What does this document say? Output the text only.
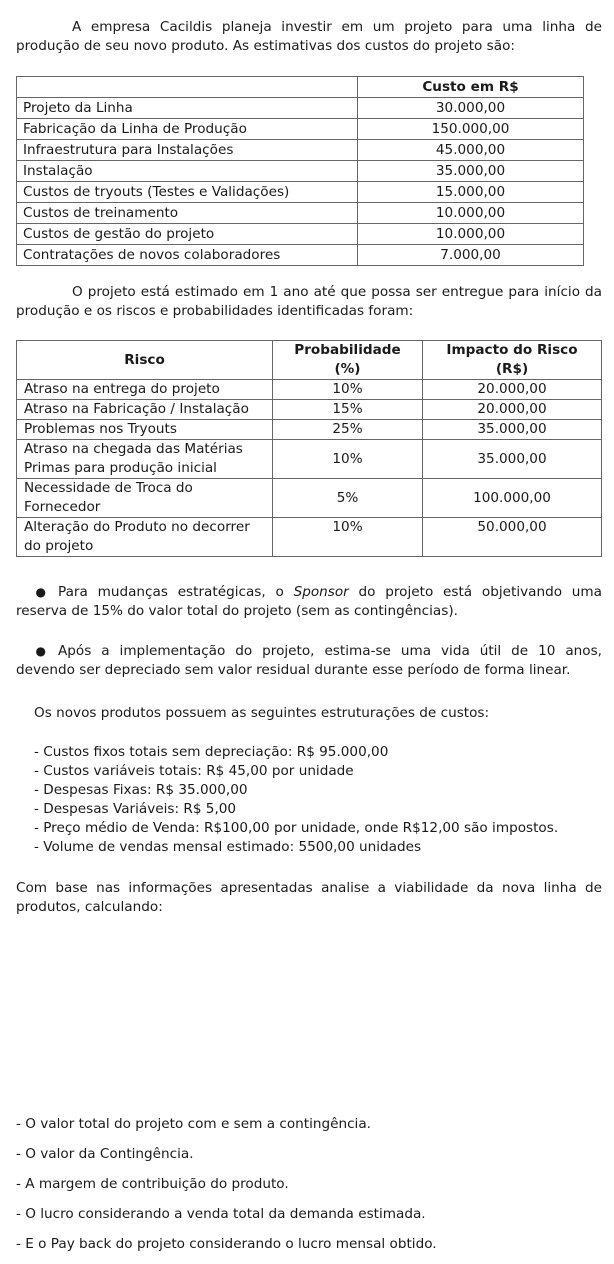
A empresa Cacildis planeja investir em um projeto para uma linha de produção de seu novo produto. As estimativas dos custos do projeto são:

	Custo em R$
Projeto da Linha	30.000,00
Fabricação da Linha de Produção	150.000,00
Infraestrutura para Instalações	45.000,00
Instalação	35.000,00
Custos de tryouts (Testes e Validações)	15.000,00
Custos de treinamento	10.000,00
Custos de gestão do projeto	10.000,00
Contratações de novos colaboradores	7.000,00

O projeto está estimado em 1 ano até que possa ser entregue para início da produção e os riscos e probabilidades identificadas foram:

Risco	Probabilidade (%)	Impacto do Risco (R$)
Atraso na entrega do projeto	10%	20.000,00
Atraso na Fabricação / Instalação	15%	20.000,00
Problemas nos Tryouts	25%	35.000,00
Atraso na chegada das Matérias Primas para produção inicial	10%	35.000,00
Necessidade de Troca do Fornecedor	5%	100.000,00
Alteração do Produto no decorrer do projeto	10%	50.000,00

● Para mudanças estratégicas, o Sponsor do projeto está objetivando uma reserva de 15% do valor total do projeto (sem as contingências).

● Após a implementação do projeto, estima-se uma vida útil de 10 anos, devendo ser depreciado sem valor residual durante esse período de forma linear.

Os novos produtos possuem as seguintes estruturações de custos:

- Custos fixos totais sem depreciação: R$ 95.000,00
- Custos variáveis totais: R$ 45,00 por unidade
- Despesas Fixas: R$ 35.000,00
- Despesas Variáveis: R$ 5,00
- Preço médio de Venda: R$100,00 por unidade, onde R$12,00 são impostos.
- Volume de vendas mensal estimado: 5500,00 unidades

Com base nas informações apresentadas analise a viabilidade da nova linha de produtos, calculando:

- O valor total do projeto com e sem a contingência.
- O valor da Contingência.
- A margem de contribuição do produto.
- O lucro considerando a venda total da demanda estimada.
- E o Pay back do projeto considerando o lucro mensal obtido.
